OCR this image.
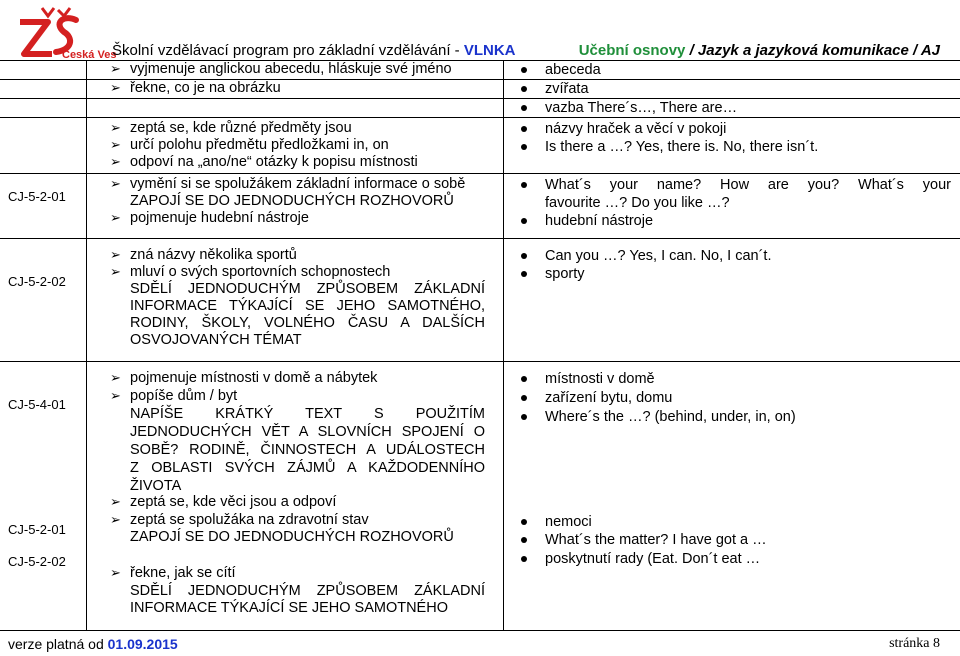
Česká Ves
Školní vzdělávací program pro základní vzdělávání - VLNKA	Učební osnovy / Jazyk a jazyková komunikace / AJ
➢ vyjmenuje anglickou abecedu, hláskuje své jméno
➢ řekne, co je na obrázku
abeceda
zvířata
vazba There´s…, There are…
➢ zeptá se, kde různé předměty jsou
➢ určí polohu předmětu předložkami in, on
➢ odpoví na „ano/ne“ otázky k popisu místnosti
názvy hraček a věcí v pokoji
Is there a …? Yes, there is. No, there isn´t.
CJ-5-2-01
➢ vymění si se spolužákem základní informace o sobě
ZAPOJÍ SE DO JEDNODUCHÝCH ROZHOVORŮ
➢ pojmenuje hudební nástroje
What´s your name? How are you? What´s your
favourite …? Do you like …?
hudební nástroje
CJ-5-2-02
➢ zná názvy několika sportů
➢ mluví o svých sportovních schopnostech
SDĚLÍ JEDNODUCHÝM ZPŮSOBEM ZÁKLADNÍ
INFORMACE TÝKAJÍCÍ SE JEHO SAMOTNÉHO,
RODINY, ŠKOLY, VOLNÉHO ČASU A DALŠÍCH
OSVOJOVANÝCH TÉMAT
Can you …? Yes, I can. No, I can´t.
sporty
CJ-5-4-01
➢ pojmenuje místnosti v domě a nábytek
➢ popíše dům / byt
NAPÍŠE KRÁTKÝ TEXT S POUŽITÍM
JEDNODUCHÝCH VĚT A SLOVNÍCH SPOJENÍ O
SOBĚ? RODINĚ, ČINNOSTECH A UDÁLOSTECH
Z OBLASTI SVÝCH ZÁJMŮ A KAŽDODENNÍHO
ŽIVOTA
➢ zeptá se, kde věci jsou a odpoví
místnosti v domě
zařízení bytu, domu
Where´s the …? (behind, under, in, on)
CJ-5-2-01
CJ-5-2-02
➢ zeptá se spolužáka na zdravotní stav
ZAPOJÍ SE DO JEDNODUCHÝCH ROZHOVORŮ
➢ řekne, jak se cítí
SDĚLÍ JEDNODUCHÝM ZPŮSOBEM ZÁKLADNÍ
INFORMACE TÝKAJÍCÍ SE JEHO SAMOTNÉHO
nemoci
What´s the matter? I have got a …
poskytnutí rady (Eat. Don´t eat …
verze platná od 01.09.2015	stránka 8
